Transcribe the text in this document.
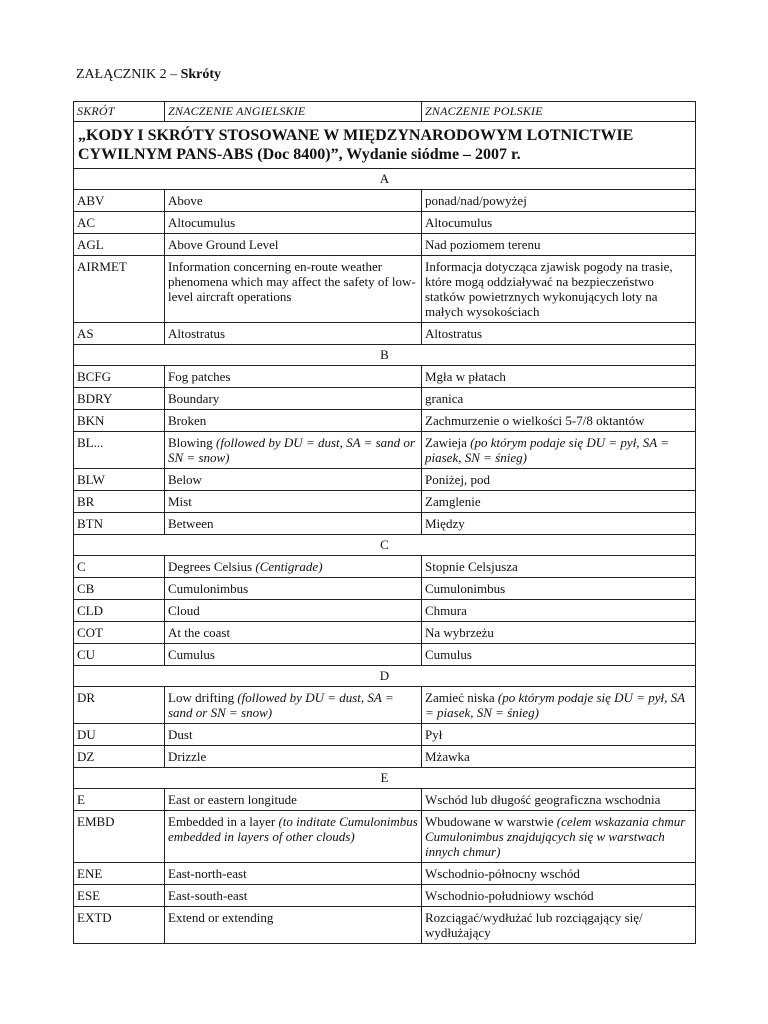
ZAŁĄCZNIK 2 – Skróty
SKRÓT	ZNACZENIE ANGIELSKIE	ZNACZENIE POLSKIE
„KODY I SKRÓTY STOSOWANE W MIĘDZYNARODOWYM LOTNICTWIE CYWILNYM PANS-ABS (Doc 8400)”, Wydanie siódme – 2007 r.		
A		
ABV	Above	ponad/nad/powyżej
AC	Altocumulus	Altocumulus
AGL	Above Ground Level	Nad poziomem terenu
AIRMET	Information concerning en-route weather phenomena which may affect the safety of low-level aircraft operations	Informacja dotycząca zjawisk pogody na trasie, które mogą oddziaływać na bezpieczeństwo statków powietrznych wykonujących loty na małych wysokościach
AS	Altostratus	Altostratus
B		
BCFG	Fog patches	Mgła w płatach
BDRY	Boundary	granica
BKN	Broken	Zachmurzenie o wielkości 5-7/8 oktantów
BL...	Blowing (followed by DU = dust, SA = sand or SN = snow)	Zawieja (po którym podaje się DU = pył, SA = piasek, SN = śnieg)
BLW	Below	Poniżej, pod
BR	Mist	Zamglenie
BTN	Between	Między
C		
C	Degrees Celsius (Centigrade)	Stopnie Celsjusza
CB	Cumulonimbus	Cumulonimbus
CLD	Cloud	Chmura
COT	At the coast	Na wybrzeżu
CU	Cumulus	Cumulus
D		
DR	Low drifting (followed by DU = dust, SA = sand or SN = snow)	Zamieć niska (po którym podaje się DU = pył, SA = piasek, SN = śnieg)
DU	Dust	Pył
DZ	Drizzle	Mżawka
E		
E	East or eastern longitude	Wschód lub długość geograficzna wschodnia
EMBD	Embedded in a layer (to inditate Cumulonimbus embedded in layers of other clouds)	Wbudowane w warstwie (celem wskazania chmur Cumulonimbus znajdujących się w warstwach innych chmur)
ENE	East-north-east	Wschodnio-północny wschód
ESE	East-south-east	Wschodnio-południowy wschód
EXTD	Extend or extending	Rozciągać/wydłużać lub rozciągający się/ wydłużający
